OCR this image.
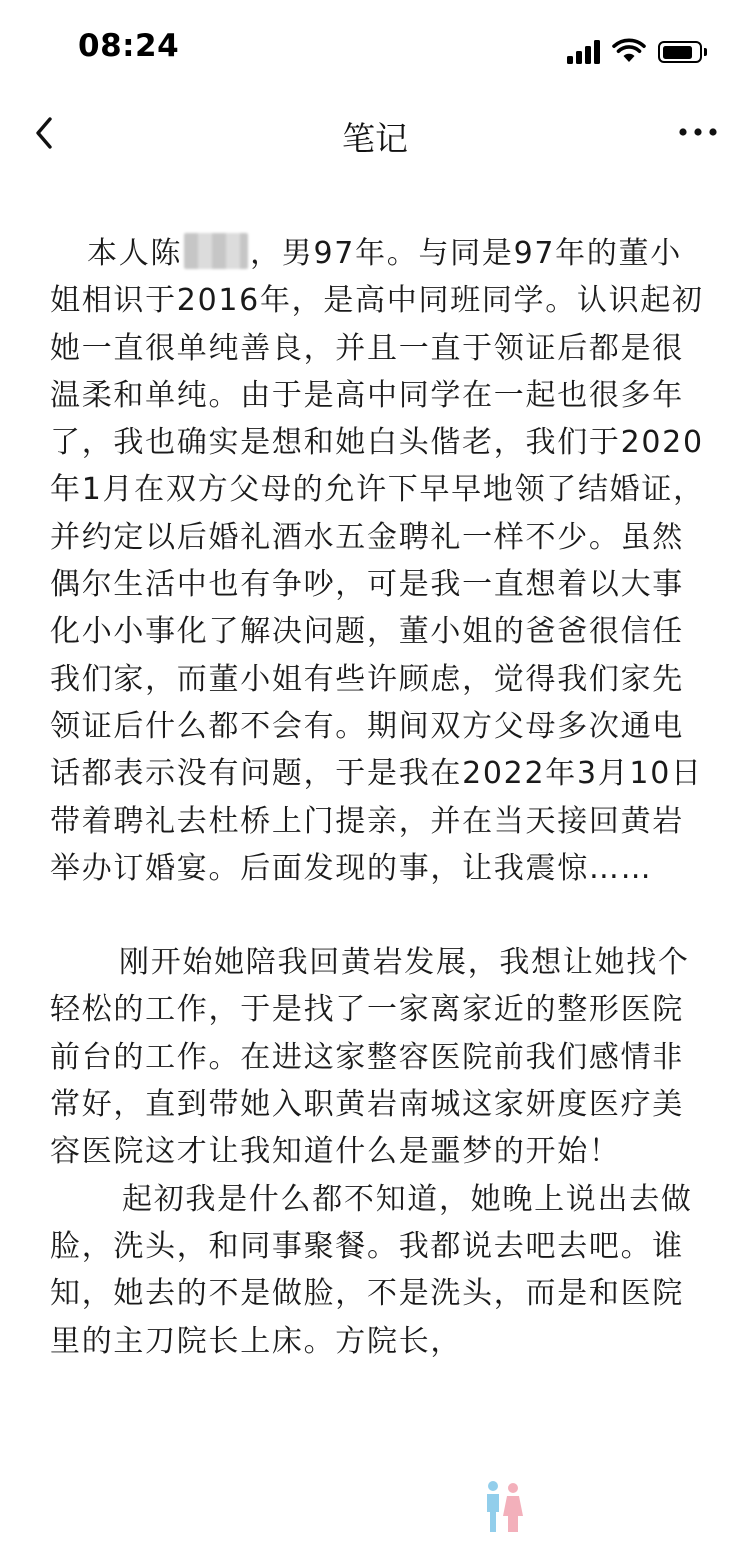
08:24
笔记

本人陈 ，男97年。与同是97年的董小姐相识于2016年，是高中同班同学。认识起初她一直很单纯善良，并且一直于领证后都是很温柔和单纯。由于是高中同学在一起也很多年了，我也确实是想和她白头偕老，我们于2020年1月在双方父母的允许下早早地领了结婚证，并约定以后婚礼酒水五金聘礼一样不少。虽然偶尔生活中也有争吵，可是我一直想着以大事化小小事化了解决问题，董小姐的爸爸很信任我们家，而董小姐有些许顾虑，觉得我们家先领证后什么都不会有。期间双方父母多次通电话都表示没有问题，于是我在2022年3月10日带着聘礼去杜桥上门提亲，并在当天接回黄岩举办订婚宴。后面发现的事，让我震惊……

刚开始她陪我回黄岩发展，我想让她找个轻松的工作，于是找了一家离家近的整形医院前台的工作。在进这家整容医院前我们感情非常好，直到带她入职黄岩南城这家妍度医疗美容医院这才让我知道什么是噩梦的开始！

起初我是什么都不知道，她晚上说出去做脸，洗头，和同事聚餐。我都说去吧去吧。谁知，她去的不是做脸，不是洗头，而是和医院里的主刀院长上床。方院长，
